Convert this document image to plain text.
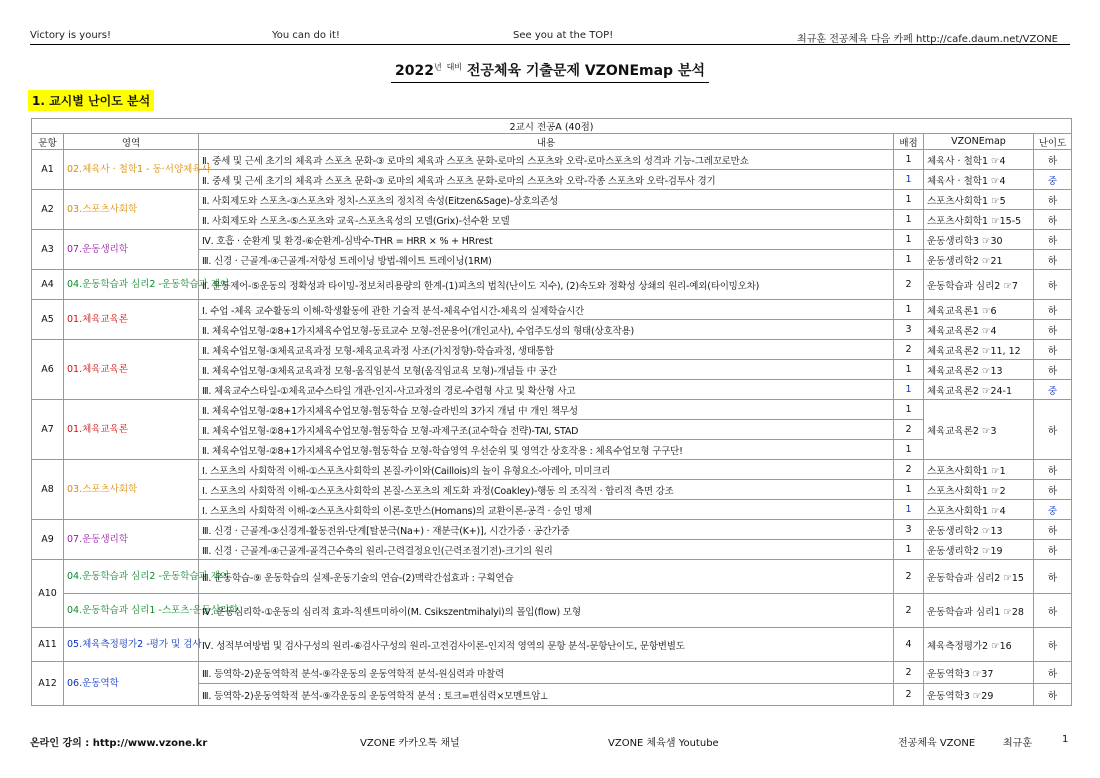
Victory is yours!	You can do it!	See you at the TOP!	최규훈 전공체육 다음 카페 http://cafe.daum.net/VZONE
$2022^년$ $^{대비}$ 전공체육 기출문제 VZONEmap 분석
1. 교시별 난이도 분석
2교시 전공A (40점)					
문항	영역	내용	배점	VZONEmap	난이도
A1	02.체육사 · 철학1 - 동·서양체육사	Ⅱ. 중세 및 근세 초기의 체육과 스포츠 문화-③ 로마의 체육과 스포츠 문화-로마의 스포츠와 오락-로마스포츠의 성격과 기능-그레꼬로만쇼	1	체육사 · 철학1 ☞4	하
		Ⅱ. 중세 및 근세 초기의 체육과 스포츠 문화-③ 로마의 체육과 스포츠 문화-로마의 스포츠와 오락-각종 스포츠와 오락-검투사 경기	1	체육사 · 철학1 ☞4	중
A2	03.스포츠사회학	Ⅱ. 사회제도와 스포츠-③스포츠와 정치-스포츠의 정치적 속성(Eitzen&Sage)-상호의존성	1	스포츠사회학1 ☞5	하
		Ⅱ. 사회제도와 스포츠-⑤스포츠와 교육-스포츠육성의 모델(Grix)-선수환 모델	1	스포츠사회학1 ☞15-5	하
A3	07.운동생리학	Ⅳ. 호흡 · 순환계 및 환경-⑥순환계-심박수-THR = HRR × % + HRrest	1	운동생리학3 ☞30	하
		Ⅲ. 신경 · 근골계-④근골계-저항성 트레이닝 방법-웨이트 트레이닝(1RM)	1	운동생리학2 ☞21	하
A4	04.운동학습과 심리2 -운동학습과 제어	Ⅱ. 운동제어-⑤운동의 정확성과 타이밍-정보처리용량의 한계-(1)피츠의 법칙(난이도 지수), (2)속도와 정확성 상쇄의 원리-예외(타이밍오차)	2	운동학습과 심리2 ☞7	하
A5	01.체육교육론	Ⅰ. 수업 -체육 교수활동의 이해-학생활동에 관한 기술적 분석-체육수업시간-체육의 실제학습시간	1	체육교육론1 ☞6	하
		Ⅱ. 체육수업모형-②8+1가지체육수업모형-동료교수 모형-전문용어(개인교사), 수업주도성의 형태(상호작용)	3	체육교육론2 ☞4	하
A6	01.체육교육론	Ⅱ. 체육수업모형-③체육교육과정 모형-체육교육과정 사조(가치정향)-학습과정, 생태통합	2	체육교육론2 ☞11, 12	하
		Ⅱ. 체육수업모형-③체육교육과정 모형-움직임분석 모형(움직임교육 모형)-개념들 中 공간	1	체육교육론2 ☞13	하
		Ⅲ. 체육교수스타일-①체육교수스타일 개관-인지-사고과정의 경로-수렴형 사고 및 확산형 사고	1	체육교육론2 ☞24-1	중
A7	01.체육교육론	Ⅱ. 체육수업모형-②8+1가지체육수업모형-협동학습 모형-슬라빈의 3가지 개념 中 개인 책무성	1	체육교육론2 ☞3	하
		Ⅱ. 체육수업모형-②8+1가지체육수업모형-협동학습 모형-과제구조(교수학습 전략)-TAI, STAD	2		
		Ⅱ. 체육수업모형-②8+1가지체육수업모형-협동학습 모형-학습영역 우선순위 및 영역간 상호작용 : 체육수업모형 구구단!	1		
A8	03.스포츠사회학	Ⅰ. 스포츠의 사회학적 이해-①스포츠사회학의 본질-카이와(Caillois)의 놀이 유형요소-아레아, 미미크리	2	스포츠사회학1 ☞1	하
		Ⅰ. 스포츠의 사회학적 이해-①스포츠사회학의 본질-스포츠의 제도화 과정(Coakley)-행동 의 조직적 · 합리적 측면 강조	1	스포츠사회학1 ☞2	하
		Ⅰ. 스포츠의 사회학적 이해-②스포츠사회학의 이론-호만스(Homans)의 교환이론-공격 · 승인 명제	1	스포츠사회학1 ☞4	중
A9	07.운동생리학	Ⅲ. 신경 · 근골계-③신경계-활동전위-단계[탈분극(Na+) · 재분극(K+)], 시간가중 · 공간가중	3	운동생리학2 ☞13	하
		Ⅲ. 신경 · 근골계-④근골계-골격근수축의 원리-근력결정요인(근력조절기전)-크기의 원리	1	운동생리학2 ☞19	하
A10	04.운동학습과 심리2 -운동학습과 제어	Ⅲ. 운동학습-⑨ 운동학습의 실제-운동기술의 연습-(2)맥락간섭효과 : 구획연습	2	운동학습과 심리2 ☞15	하
	04.운동학습과 심리1 -스포츠·운동심리학	Ⅳ. 운동심리학-①운동의 심리적 효과-칙센트미하이(M. Csikszentmihalyi)의 몰입(flow) 모형	2	운동학습과 심리1 ☞28	하
A11	05.체육측정평가2 -평가 및 검사	Ⅳ. 성적부여방법 및 검사구성의 원리-⑥검사구성의 원리-고전검사이론-인지적 영역의 문항 분석-문항난이도, 문항변별도	4	체육측정평가2 ☞16	하
A12	06.운동역학	Ⅲ. 등역학-2)운동역학적 분석-⑨각운동의 운동역학적 분석-원심력과 마찰력	2	운동역학3 ☞37	하
		Ⅲ. 등역학-2)운동역학적 분석-⑨각운동의 운동역학적 분석 : 토크=편심력×모멘트암⊥	2	운동역학3 ☞29	하
온라인 강의 : http://www.vzone.kr	VZONE 카카오톡 채널	VZONE 체육샘 Youtube	전공체육 VZONE	최규훈	1
